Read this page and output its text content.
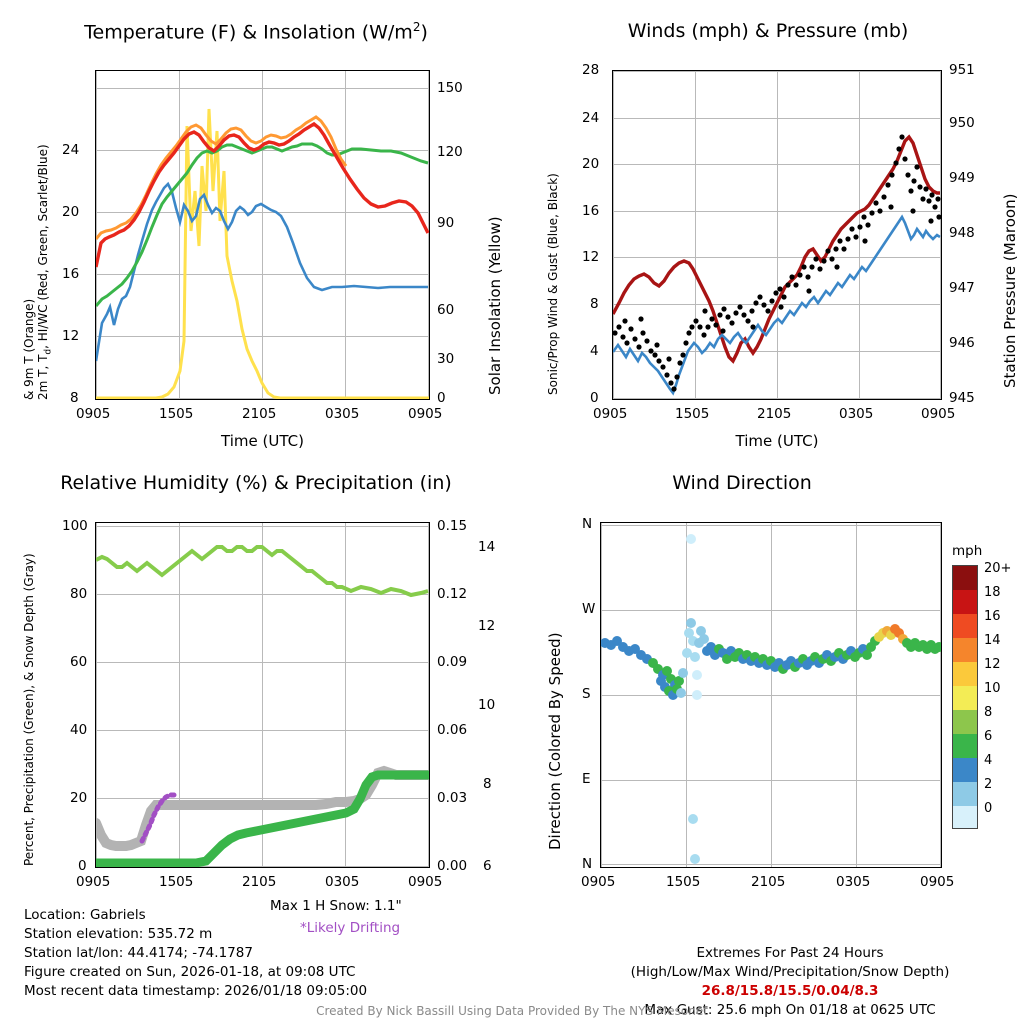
Temperature (F) & Insolation $(W/m^2)$
2m T, $T_d$, HI/WC (Red, Green, Scarlet/Blue)
& 9m T (Orange)	Solar Insolation (Yellow)
8
12
16
20
24
0
30
60
90
120
150
0905	1505	2105	0305	0905
Time (UTC)
Winds (mph) & Pressure (mb)
Sonic/Prop Wind & Gust (Blue, Black)	Station Pressure (Maroon)
0
4
8
12
16
20
24
28
945
946
947
948
949
950
951
0905	1505	2105	0305	0905
Time (UTC)
Relative Humidity (%) & Precipitation (in)
Percent, Precipitation (Green), & Snow Depth (Gray)	0
20
40
60
80
100
0.00
0.03
0.06
0.09
0.12
0.15
6
8
10
12
14
0905	1505	2105	0305	0905
Max 1 H Snow: 1.1"
*Likely Drifting
Wind Direction
Direction (Colored By Speed)
N
W
S
E
N
0905	1505	2105	0305	0905
mph
20+
18
16
14
12
10
8
6
4
2
0
Location: Gabriels
Station elevation: 535.72 m
Station lat/lon: 44.4174; -74.1787
Figure created on Sun, 2026-01-18, at 09:08 UTC
Most recent data timestamp: 2026/01/18 09:05:00
Extremes For Past 24 Hours
(High/Low/Max Wind/Precipitation/Snow Depth)
26.8/15.8/15.5/0.04/8.3
Max Gust: 25.6 mph On 01/18 at 0625 UTC
Created By Nick Bassill Using Data Provided By The NYS Mesonet
